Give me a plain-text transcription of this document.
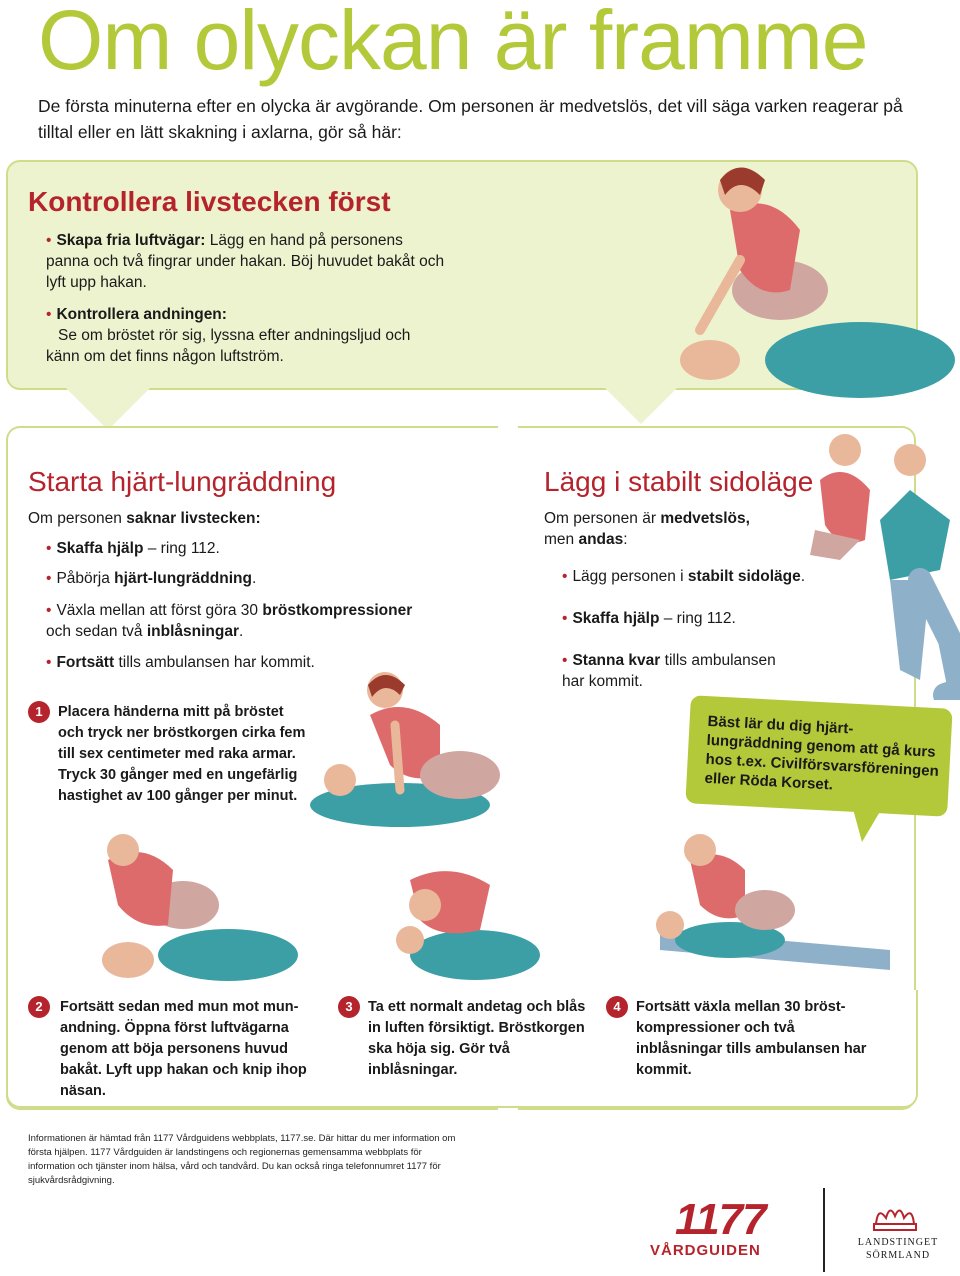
Om olyckan är framme
De första minuterna efter en olycka är avgörande. Om personen är medvetslös, det vill säga varken reagerar på tilltal eller en lätt skakning i axlarna, gör så här:
Kontrollera livstecken först
• Skapa fria luftvägar: Lägg en hand på personens panna och två fingrar under hakan. Böj huvudet bakåt och lyft upp hakan.
• Kontrollera andningen:
Se om bröstet rör sig, lyssna efter andningsljud och känn om det finns någon luftström.
Starta hjärt-lungräddning
Om personen saknar livstecken:
• Skaffa hjälp – ring 112.
• Påbörja hjärt-lungräddning.
• Växla mellan att först göra 30 bröstkompressioner och sedan två inblåsningar.
• Fortsätt tills ambulansen har kommit.
Lägg i stabilt sidoläge
Om personen är medvetslös,
men andas:
• Lägg personen i stabilt sidoläge.
• Skaffa hjälp – ring 112.
• Stanna kvar tills ambulansen har kommit.
Bäst lär du dig hjärt-lungräddning genom att gå kurs hos t.ex. Civilförsvarsföreningen eller Röda Korset.
1	Placera händerna mitt på bröstet och tryck ner bröstkorgen cirka fem till sex centimeter med raka armar. Tryck 30 gånger med en ungefärlig hastighet av 100 gånger per minut.
2	Fortsätt sedan med mun mot mun-andning. Öppna först luftvägarna genom att böja personens huvud bakåt. Lyft upp hakan och knip ihop näsan.
3	Ta ett normalt andetag och blås in luften försiktigt. Bröstkorgen ska höja sig. Gör två inblåsningar.
4	Fortsätt växla mellan 30 bröst-kompressioner och två inblåsningar tills ambulansen har kommit.
Informationen är hämtad från 1177 Vårdguidens webbplats, 1177.se. Där hittar du mer information om första hjälpen. 1177 Vårdguiden är landstingens och regionernas gemensamma webbplats för information och tjänster inom hälsa, vård och tandvård. Du kan också ringa telefonnumret 1177 för sjukvårdsrådgivning.
1177
VÅRDGUIDEN	LANDSTINGET
SÖRMLAND
